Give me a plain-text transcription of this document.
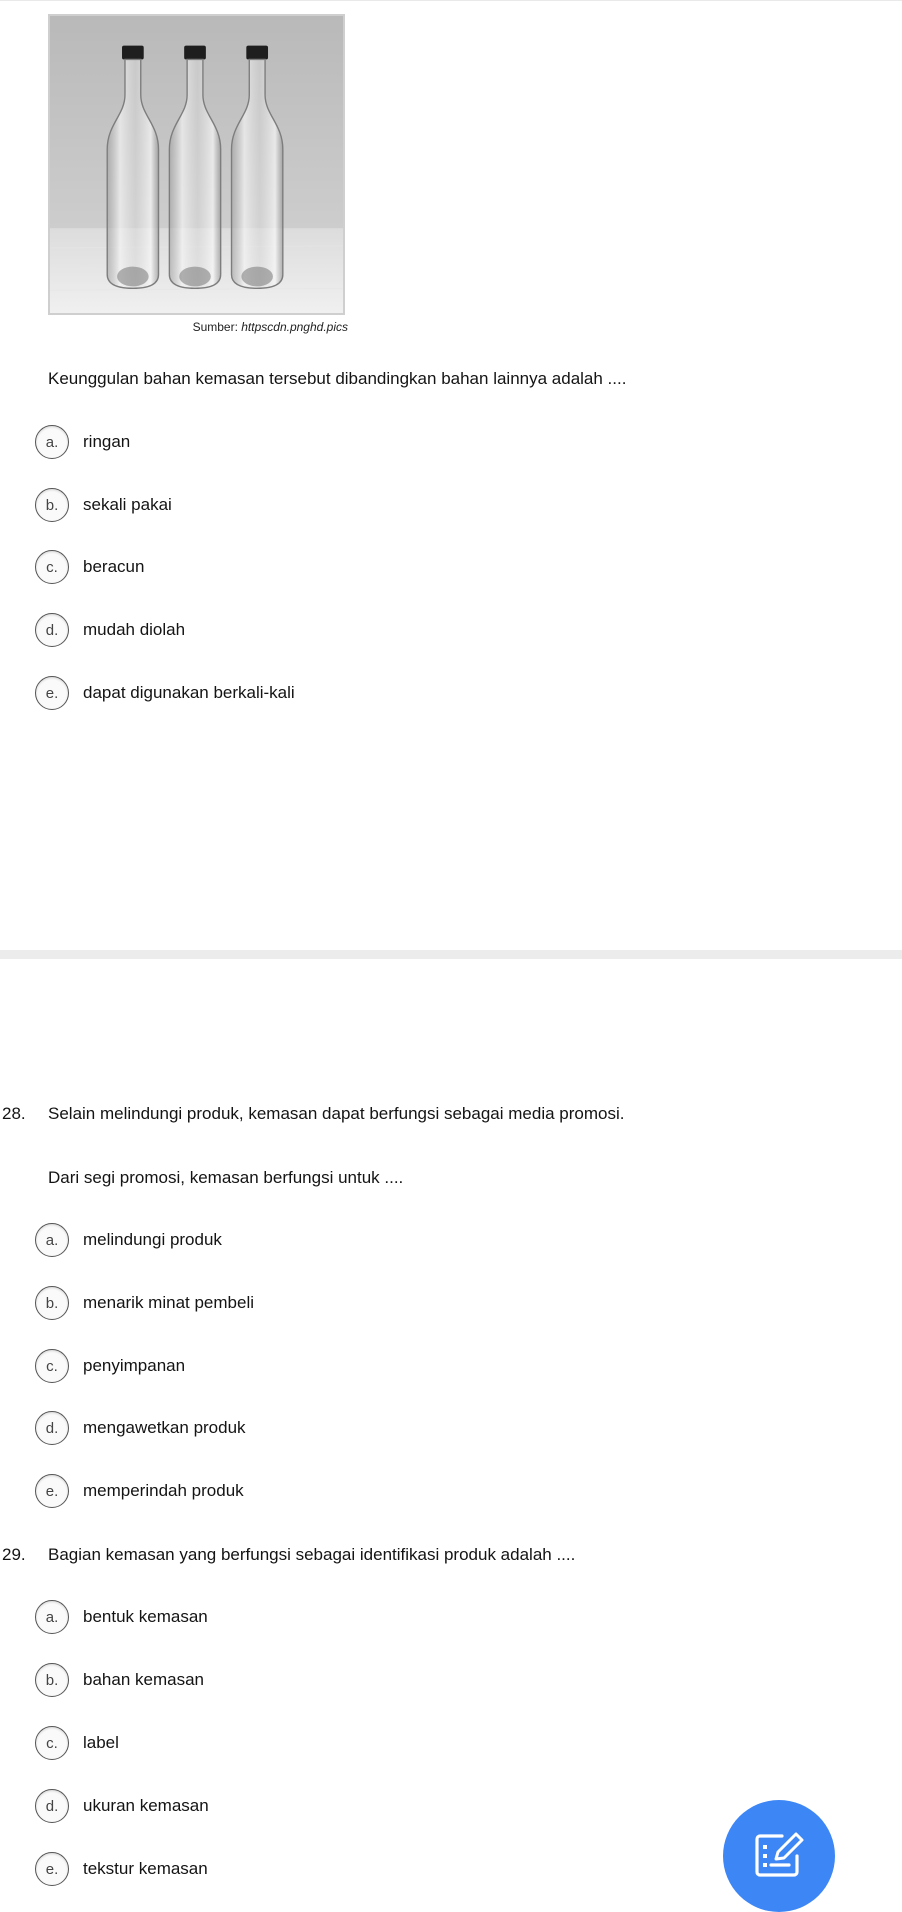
Sumber: httpscdn.pnghd.pics
Keunggulan bahan kemasan tersebut dibandingkan bahan lainnya adalah ....
a.	ringan
b.	sekali pakai
c.	beracun
d.	mudah diolah
e.	dapat digunakan berkali-kali
28. Selain melindungi produk, kemasan dapat berfungsi sebagai media promosi.
Dari segi promosi, kemasan berfungsi untuk ....
a.	melindungi produk
b.	menarik minat pembeli
c.	penyimpanan
d.	mengawetkan produk
e.	memperindah produk
29. Bagian kemasan yang berfungsi sebagai identifikasi produk adalah ....
a.	bentuk kemasan
b.	bahan kemasan
c.	label
d.	ukuran kemasan
e.	tekstur kemasan
